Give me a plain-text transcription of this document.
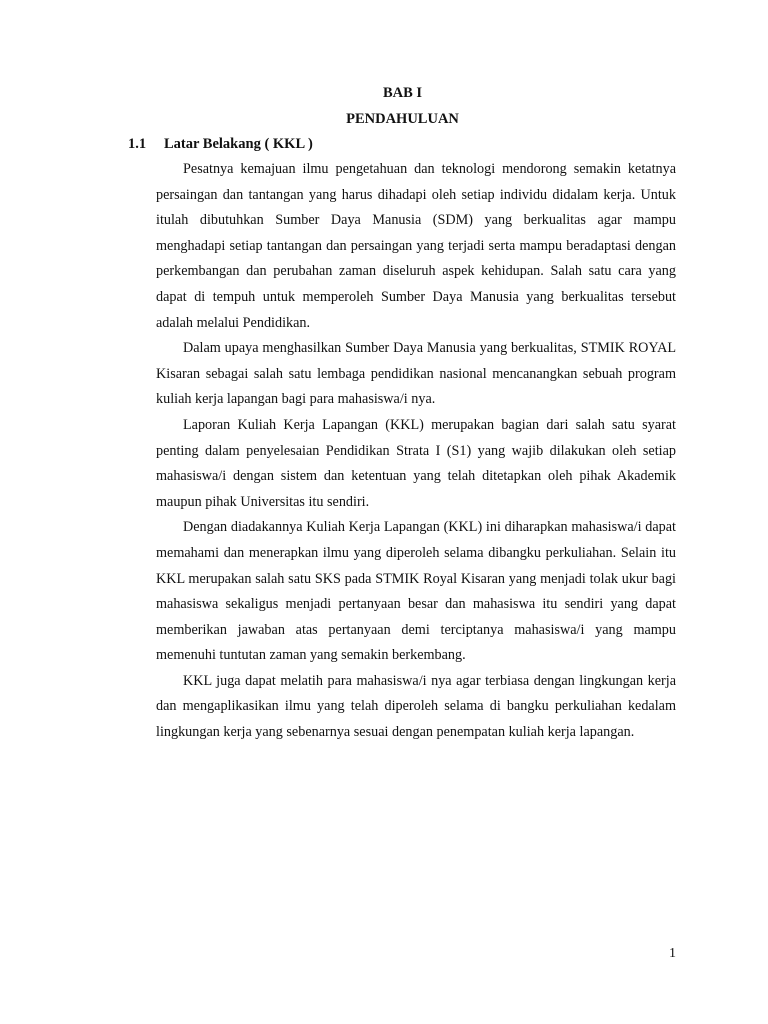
BAB I
PENDAHULUAN
1.1 Latar Belakang ( KKL )

Pesatnya kemajuan ilmu pengetahuan dan teknologi mendorong semakin ketatnya persaingan dan tantangan yang harus dihadapi oleh setiap individu didalam kerja. Untuk itulah dibutuhkan Sumber Daya Manusia (SDM) yang berkualitas agar mampu menghadapi setiap tantangan dan persaingan yang terjadi serta mampu beradaptasi dengan perkembangan dan perubahan zaman diseluruh aspek kehidupan. Salah satu cara yang dapat di tempuh untuk memperoleh Sumber Daya Manusia yang berkualitas tersebut adalah melalui Pendidikan.

Dalam upaya menghasilkan Sumber Daya Manusia yang berkualitas, STMIK ROYAL Kisaran sebagai salah satu lembaga pendidikan nasional mencanangkan sebuah program kuliah kerja lapangan bagi para mahasiswa/i nya.

Laporan Kuliah Kerja Lapangan (KKL) merupakan bagian dari salah satu syarat penting dalam penyelesaian Pendidikan Strata I (S1) yang wajib dilakukan oleh setiap mahasiswa/i dengan sistem dan ketentuan yang telah ditetapkan oleh pihak Akademik maupun pihak Universitas itu sendiri.

Dengan diadakannya Kuliah Kerja Lapangan (KKL) ini diharapkan mahasiswa/i dapat memahami dan menerapkan ilmu yang diperoleh selama dibangku perkuliahan. Selain itu KKL merupakan salah satu SKS pada STMIK Royal Kisaran yang menjadi tolak ukur bagi mahasiswa sekaligus menjadi pertanyaan besar dan mahasiswa itu sendiri yang dapat memberikan jawaban atas pertanyaan demi terciptanya mahasiswa/i yang mampu memenuhi tuntutan zaman yang semakin berkembang.

KKL juga dapat melatih para mahasiswa/i nya agar terbiasa dengan lingkungan kerja dan mengaplikasikan ilmu yang telah diperoleh selama di bangku perkuliahan kedalam lingkungan kerja yang sebenarnya sesuai dengan penempatan kuliah kerja lapangan.

1
